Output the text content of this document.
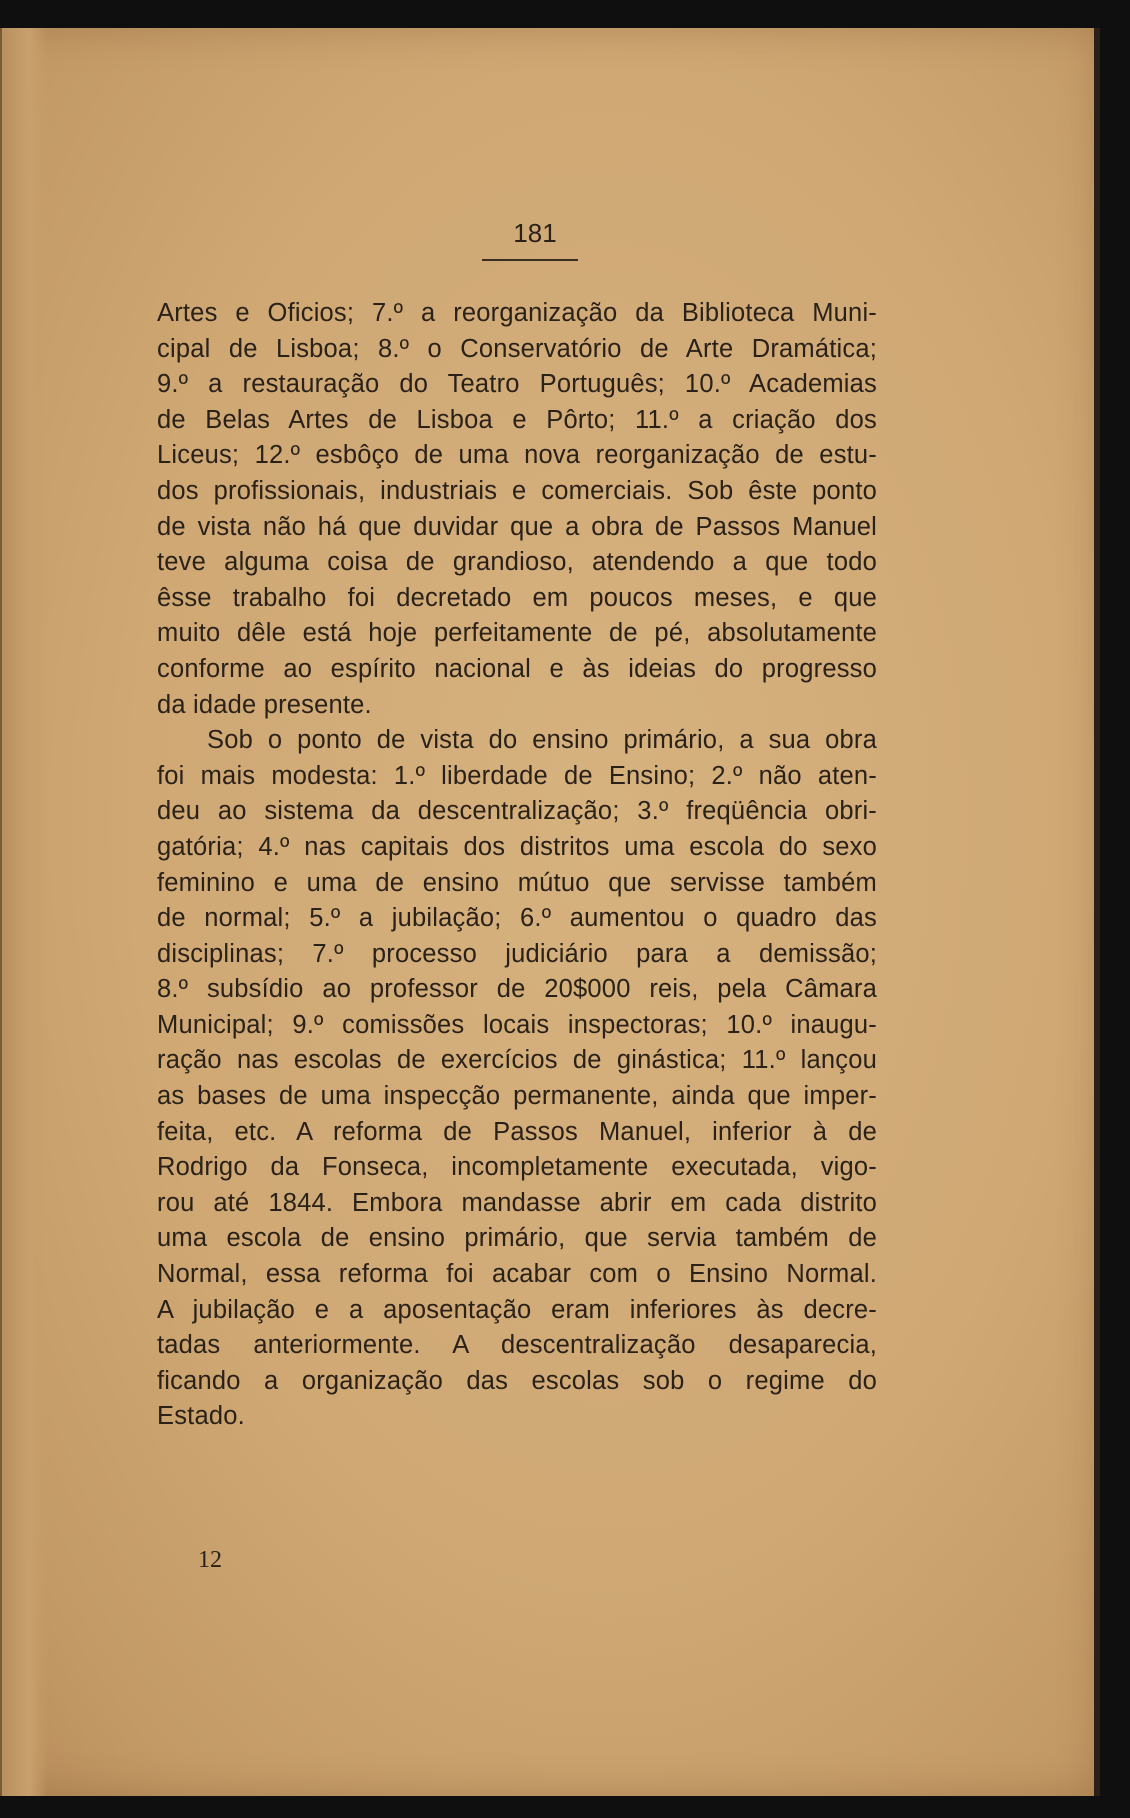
181
Artes e Oficios; 7.º a reorganização da Biblioteca Muni-
cipal de Lisboa; 8.º o Conservatório de Arte Dramática;
9.º a restauração do Teatro Português; 10.º Academias
de Belas Artes de Lisboa e Pôrto; 11.º a criação dos
Liceus; 12.º esbôço de uma nova reorganização de estu-
dos profissionais, industriais e comerciais. Sob êste ponto
de vista não há que duvidar que a obra de Passos Manuel
teve alguma coisa de grandioso, atendendo a que todo
êsse trabalho foi decretado em poucos meses, e que
muito dêle está hoje perfeitamente de pé, absolutamente
conforme ao espírito nacional e às ideias do progresso
da idade presente.
Sob o ponto de vista do ensino primário, a sua obra
foi mais modesta: 1.º liberdade de Ensino; 2.º não aten-
deu ao sistema da descentralização; 3.º freqüência obri-
gatória; 4.º nas capitais dos distritos uma escola do sexo
feminino e uma de ensino mútuo que servisse também
de normal; 5.º a jubilação; 6.º aumentou o quadro das
disciplinas; 7.º processo judiciário para a demissão;
8.º subsídio ao professor de 20$000 reis, pela Câmara
Municipal; 9.º comissões locais inspectoras; 10.º inaugu-
ração nas escolas de exercícios de ginástica; 11.º lançou
as bases de uma inspecção permanente, ainda que imper-
feita, etc. A reforma de Passos Manuel, inferior à de
Rodrigo da Fonseca, incompletamente executada, vigo-
rou até 1844. Embora mandasse abrir em cada distrito
uma escola de ensino primário, que servia também de
Normal, essa reforma foi acabar com o Ensino Normal.
A jubilação e a aposentação eram inferiores às decre-
tadas anteriormente. A descentralização desaparecia,
ficando a organização das escolas sob o regime do
Estado.
12
